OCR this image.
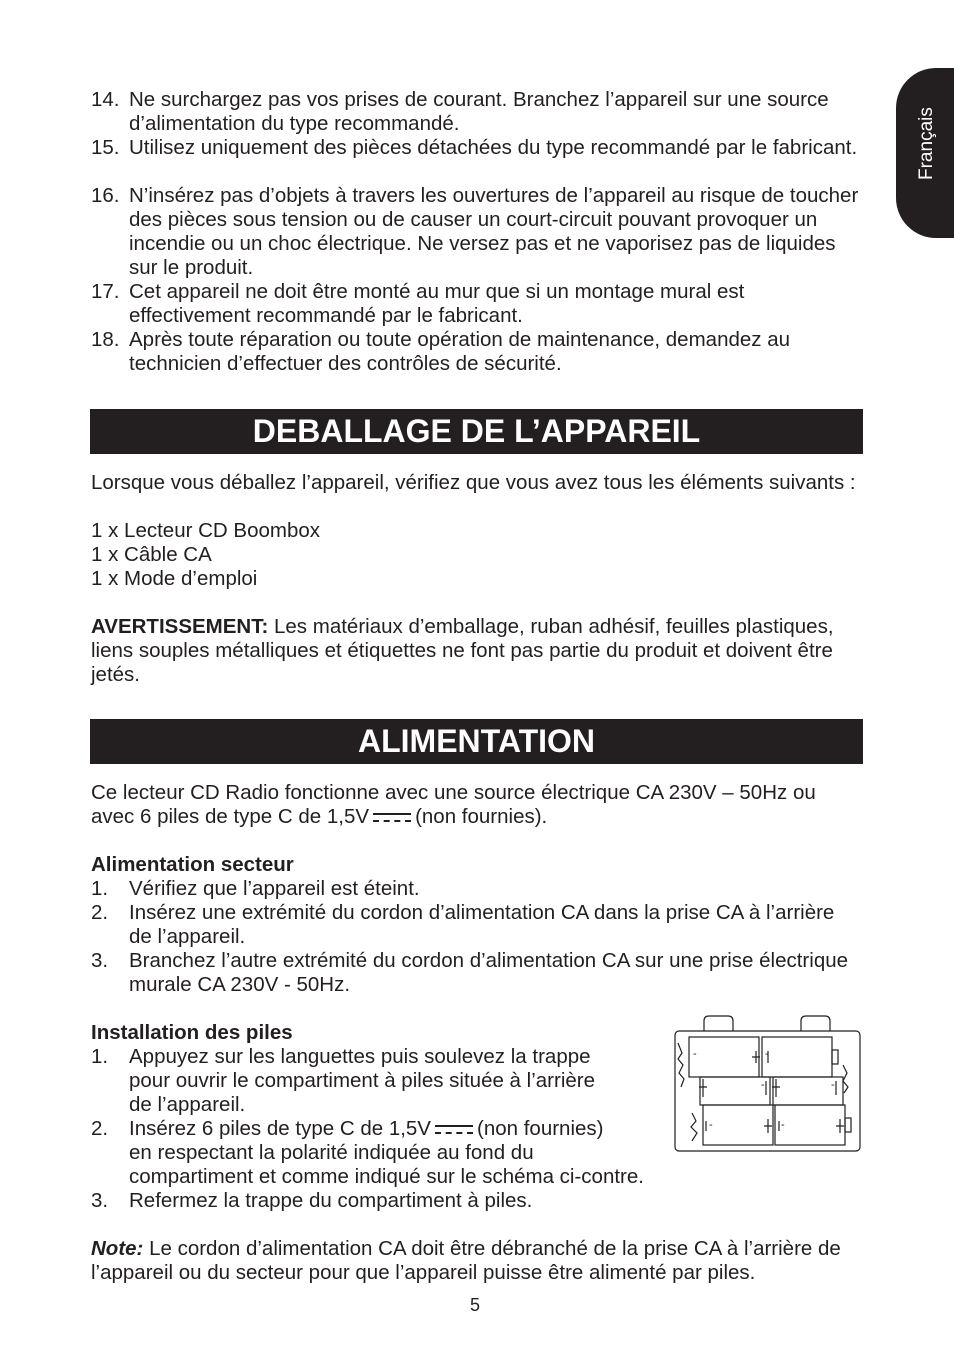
Français
14. Ne surchargez pas vos prises de courant. Branchez l’appareil sur une source d’alimentation du type recommandé.
15. Utilisez uniquement des pièces détachées du type recommandé par le fabricant.
16. N’insérez pas d’objets à travers les ouvertures de l’appareil au risque de toucher des pièces sous tension ou de causer un court-circuit pouvant provoquer un incendie ou un choc électrique. Ne versez pas et ne vaporisez pas de liquides sur le produit.
17. Cet appareil ne doit être monté au mur que si un montage mural est effectivement recommandé par le fabricant.
18. Après toute réparation ou toute opération de maintenance, demandez au technicien d’effectuer des contrôles de sécurité.
DEBALLAGE DE L’APPAREIL
Lorsque vous déballez l’appareil, vérifiez que vous avez tous les éléments suivants :
1 x Lecteur CD Boombox
1 x Câble CA
1 x Mode d’emploi
AVERTISSEMENT: Les matériaux d’emballage, ruban adhésif, feuilles plastiques, liens souples métalliques et étiquettes ne font pas partie du produit et doivent être jetés.
ALIMENTATION
Ce lecteur CD Radio fonctionne avec une source électrique CA 230V – 50Hz ou avec 6 piles de type C de 1,5V (non fournies).
Alimentation secteur
1.	Vérifiez que l’appareil est éteint.
2.	Insérez une extrémité du cordon d’alimentation CA dans la prise CA à l’arrière de l’appareil.
3.	Branchez l’autre extrémité du cordon d’alimentation CA sur une prise électrique murale CA 230V - 50Hz.
Installation des piles
1.	Appuyez sur les languettes puis soulevez la trappe
pour ouvrir le compartiment à piles située à l’arrière
de l’appareil.
2.	Insérez 6 piles de type C de 1,5V (non fournies)
en respectant la polarité indiquée au fond du
compartiment et comme indiqué sur le schéma ci-contre.
3.	Refermez la trappe du compartiment à piles.
Note: Le cordon d’alimentation CA doit être débranché de la prise CA à l’arrière de l’appareil ou du secteur pour que l’appareil puisse être alimenté par piles.
-	-
-	-
-	-
5
